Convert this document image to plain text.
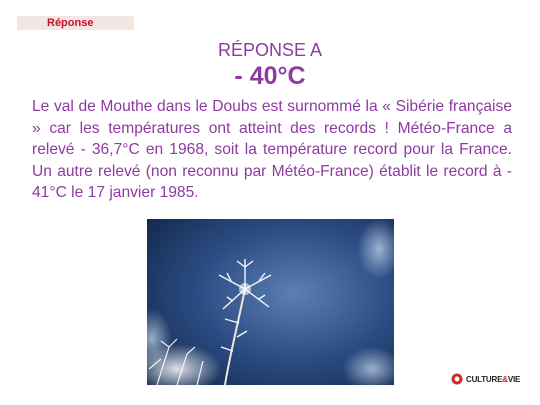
Réponse
RÉPONSE A
- 40°C
Le val de Mouthe dans le Doubs est surnommé la « Sibérie française » car les températures ont atteint des records ! Météo-France a relevé - 36,7°C en 1968, soit la température record pour la France. Un autre relevé (non reconnu par Météo-France) établit le record à - 41°C le 17 janvier 1985.
CULTURE&VIE
